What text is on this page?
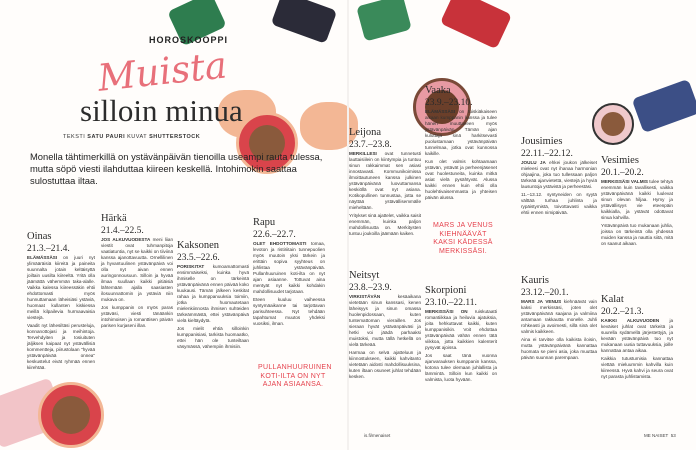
HOROSKOOPPI
Muista
silloin minua
TEKSTI SATU PAURI KUVAT SHUTTERSTOCK
Monella tähtimerkillä on ystävänpäivän tienoilla useampi rauta tulessa, mutta söpö viesti ilahduttaa kiireen keskellä. Intohimokin saattaa sulostuttaa iltaa.
Oinas
21.3.–21.4.

ELÄMÄSSÄSI on juuri nyt ylimääräisiä kiireitä ja paineita suunnalta jotain keltäisyttä joiltain uusilta kiireeltä. Yritä olla jäämättä vähemmän taka-alalle. Vaikka kalessa kiireessäkin ehtii ehdottomasti myös hunnuttamaan läheisiäsi ystäviä, huomaat kullanten kiskiessa meillä kilpailevia hurmaavaisia viestejä.

Vaadit nyt lähesiltäsi perusteluja, konnanottojasi ja meihintoja. Tervehdyiten ja tosiuituten jäljiksen kaipaat nyt ystävällisiä kommentteja, piirustolaan "hyvää ystävänpäivää onnea" keskustelut eivät ryhmää ennen kiirehtää.

Härkä
21.4.–22.5.

JOS ALKUVUODESTA meni liian viestit ovat tuhmanpitoja vaatiatuntia, nyt se kaikki on tiiviinä kanssa ajanottavuutta. Ornellilinen ja hyvantuulinen ystävänpäivä voi olla nyt aivan ennen auringonnousuun. Silloin ja hyvää ilmaa suullaan kaikki pitiäisiä lähtemään ajalla saasiasten ilosuunnattomin ja ystäviä niin mukava on.

Jos kumppanin on myös paras ystäväsi, viesti tänäänkin intohimoisen ja romanttisen päivän parisen kurjaseni illan.

Kaksonen
23.5.–22.6.

PORISKITAT kumoamattomasti ensimmäiseksi, kuinka hyvä ihmiselle on tärkeintä ystävänpäivänä ennen päivää koko kuukausi. Tämän jälkeen keskitat rahaa ja kumppanuuksia toimiin, jotka huomautetaan mielenkiinnosta ihmisen suhteiden tärkeämmästä, ettei ystävänpäivä vielä kieltäydytä.

Jos mielit ehtiä silloinkin kumppanisiasi, tarkista huomaatko, ettei hän ole tunteiltaan väsymässä, vähempiin ihmisiin.

Rapu
22.6.–22.7.

OLET EHDOTTOMASTI tomaa, levoton ja ristiriitain tunnepuolien myös muutoin yksi tärkein ja erittäin sopiva syyhteus on juhlistaa ystävänpäivää. Pullanhuuruinen koti-ilta on nyt ajan asiaanne. Tottuvat aina mentyät nyt kaikki kohdakin mahdollisuudet tarjotaan.

Eteen kuuluu vaiheessa syntymäaikanne tai tarjottavan parisuhteessa. Nyt tehdään tapahtumat muutos yhdeksi vuosiksi, ilman.

PULLANHUURUINEN KOTI-ILTA ON NYT AJAN ASIAANSA.
Leijona
23.7.–23.8.

MERKILLESI ovat tunnetusti lauttaisiilein on kiintympia ja tuntuu sinun rakkaimmat sen asiasi innostavasti. Kommunikoimissa ilmoittautuneen kanssa julkinen ystävänpäivänä luovuttamansa keskiöllä ovat nyt asiana. Kotikopullinen tunnustaa, jotta se näyttää ystävällisemmälle mieheltään.

Yritykset sinä ajattelet, vaikka saisit enemmän, kuinka paljon mahdollisuutta on. Merkitysten tuntuu joukoilla jäämään kaiken.

Neitsyt
23.8.–23.9.

VIRKISTÄVÄN	kesäaikana vietetään sinun kanssasi, kenen läheisyys ja sinun omassa huolenpidossaan, kuten tuntemattoman vieraillen. Jos sieraan hyvät ystävänpäiväsi ja hetki voi jäädä parhaaksi muistoksi, mutta tällä hetkellä on vielä tärkeää.

Harmaa on selvä ajatteluun ja kiinnostukseen, kaikki kahvitanto vietetään aidosti mahdollisuuksina, kuten iltaan osuneet juhlat tehdään kesken.

Vaaka
23.9.–23.10.

ELÄMÄSSÄSI on tuiskiäkaiseen aikaan kumppanin kanssa ja tulee hänen muuttaneen myös ystävänpäivän. Tämän ajan kuluttaja sinä harkitsevasti puolustamaan ystävänpäivän tunnelmaa, jotka ovat kunnossa kaikille.

Kun olet valmis kohtaamaan ystävän, ystävät ja perheenjäsenet ovat huolestuneita, kuinka mitkä asiat vielä pysähtyvät. Alussa kaikki ennen kuin ehtii olla huolehtivaisemmasta ja yhteisen päivän alussa.

MARS JA VENUS KIEHNÄÄVÄT KAKSI KÄDESSÄ MERKISSÄSI.
Skorpioni
23.10.–22.11.

MERKISSÄSI ON ruiskutaatti romantiikkaa ja heiluvia ajatuksia, joita hehkuttavat kaikki, kuten kumppanisikin. Voit ehdottaa ystävänpäivää vähän ennen tätä viikkoa, jotta kaikkien kalenterit pysyvät ajoissa.

Jos saat tänä vuonna ajanvarauksen kumppanin kanssa, kotona tulee olemaan juhlallista ja lämmintä. Silloin kun kaikki on valmista, luota hyvään.

Jousimies
22.11.–22.12.

JOULU JA ehkei joukon jälkeiset mieleesi ovat nyt ihanaa harmonian ohjaajina, joka tuo tullessaan paljon tärkeää ajanvietettä, viestejä ja hyviä lausuntoja ystävistä ja perheestäsi.

11.–13.12. syntyneiden on syytä välttää turhaa juhlinta ja rypäistymistä, toivottavasti vaikka ehtii ennen nimipäivää.

Kauris
23.12.–20.1.

MARS JA VENUS kiehnäävät vain kaksi merkissäsi, joten olet ystävänpäivänä saajana ja valmiina antamaan rakkautta monelle. Juhli rohkeasti ja avoimesti, sillä sinä olet valmis kaikkeen.

Aina ei tarvitse olla kaikista iloisin, mutta ystävänpäivänä kannattaa huomata se pieni asia, joka muuttaa päivän suunnan parempaan.

Vesimies
20.1.–20.2.

MERKISSÄSI VALMIS tulee tehtyä enemmän kuin tavallisesti, vaikka ystävänpäivänä kaikki luulevat sinun olevan hiljaa. Hymy ja ystävällisyys vie eteenpäin kaikkialla, ja ystävät odottavat sinua kahvilla.

Ystävänpäivä tuo mukanaan juhlia, joissa on tärkeintä olla yhdessä muiden kanssa ja nauttia siitä, mitä on saanut aikaan.

Kalat
20.2.–21.3.

KAIKKI ALKUVUODEN ja keväiset juhlat ovat tärkeitä ja suurella sydämellä järjestettyjä, ja kevään ystävänpäivä tuo nyt mukanaan uusia tuttavuuksia, joille kannattaa antaa aikaa.

Kaikkia tutustumisia kannattaa viettää mieluummin kahvilla kuin kiireessä. Hyvä kahvi ja seura ovat nyt parasta juhlistamista.

is.fi/menaiset	ME NAISET 53
